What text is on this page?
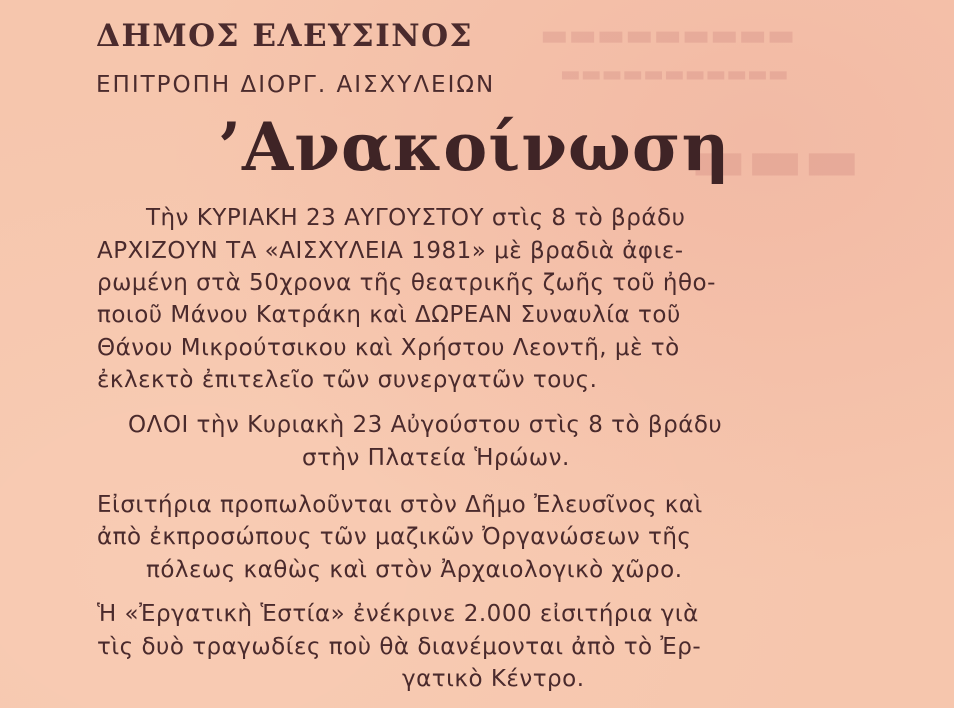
▬▬▬▬▬▬▬▬▬
▬▬▬▬▬▬▬▬▬▬▬
▬▬▬
ΔΗΜΟΣ ΕΛΕΥΣΙΝΟΣ
ΕΠΙΤΡΟΠΗ ΔΙΟΡΓ. ΑΙΣΧΥΛΕΙΩΝ
’Ανακοίνωση
Τὴν ΚΥΡΙΑΚΗ 23 ΑΥΓΟΥΣΤΟΥ στὶς 8 τὸ βράδυ
ΑΡΧΙΖΟΥΝ ΤΑ «ΑΙΣΧΥΛΕΙΑ 1981» μὲ βραδιὰ ἀφιε-
ρωμένη στὰ 50χρονα τῆς θεατρικῆς ζωῆς τοῦ ἠθο-
ποιοῦ Μάνου Κατράκη καὶ ΔΩΡΕΑΝ Συναυλία τοῦ
Θάνου Μικρούτσικου καὶ Χρήστου Λεοντῆ, μὲ τὸ
ἐκλεκτὸ ἐπιτελεῖο τῶν συνεργατῶν τους.
ΟΛΟΙ τὴν Κυριακὴ 23 Αὐγούστου στὶς 8 τὸ βράδυ
στὴν Πλατεία Ἡρώων.
Εἰσιτήρια προπωλοῦνται στὸν Δῆμο Ἐλευσῖνος καὶ
ἀπὸ ἐκπροσώπους τῶν μαζικῶν Ὀργανώσεων τῆς
πόλεως καθὼς καὶ στὸν Ἀρχαιολογικὸ χῶρο.
Ἡ «Ἐργατικὴ Ἑστία» ἐνέκρινε 2.000 εἰσιτήρια γιὰ
τὶς δυὸ τραγωδίες ποὺ θὰ διανέμονται ἀπὸ τὸ Ἐρ-
γατικὸ Κέντρο.
